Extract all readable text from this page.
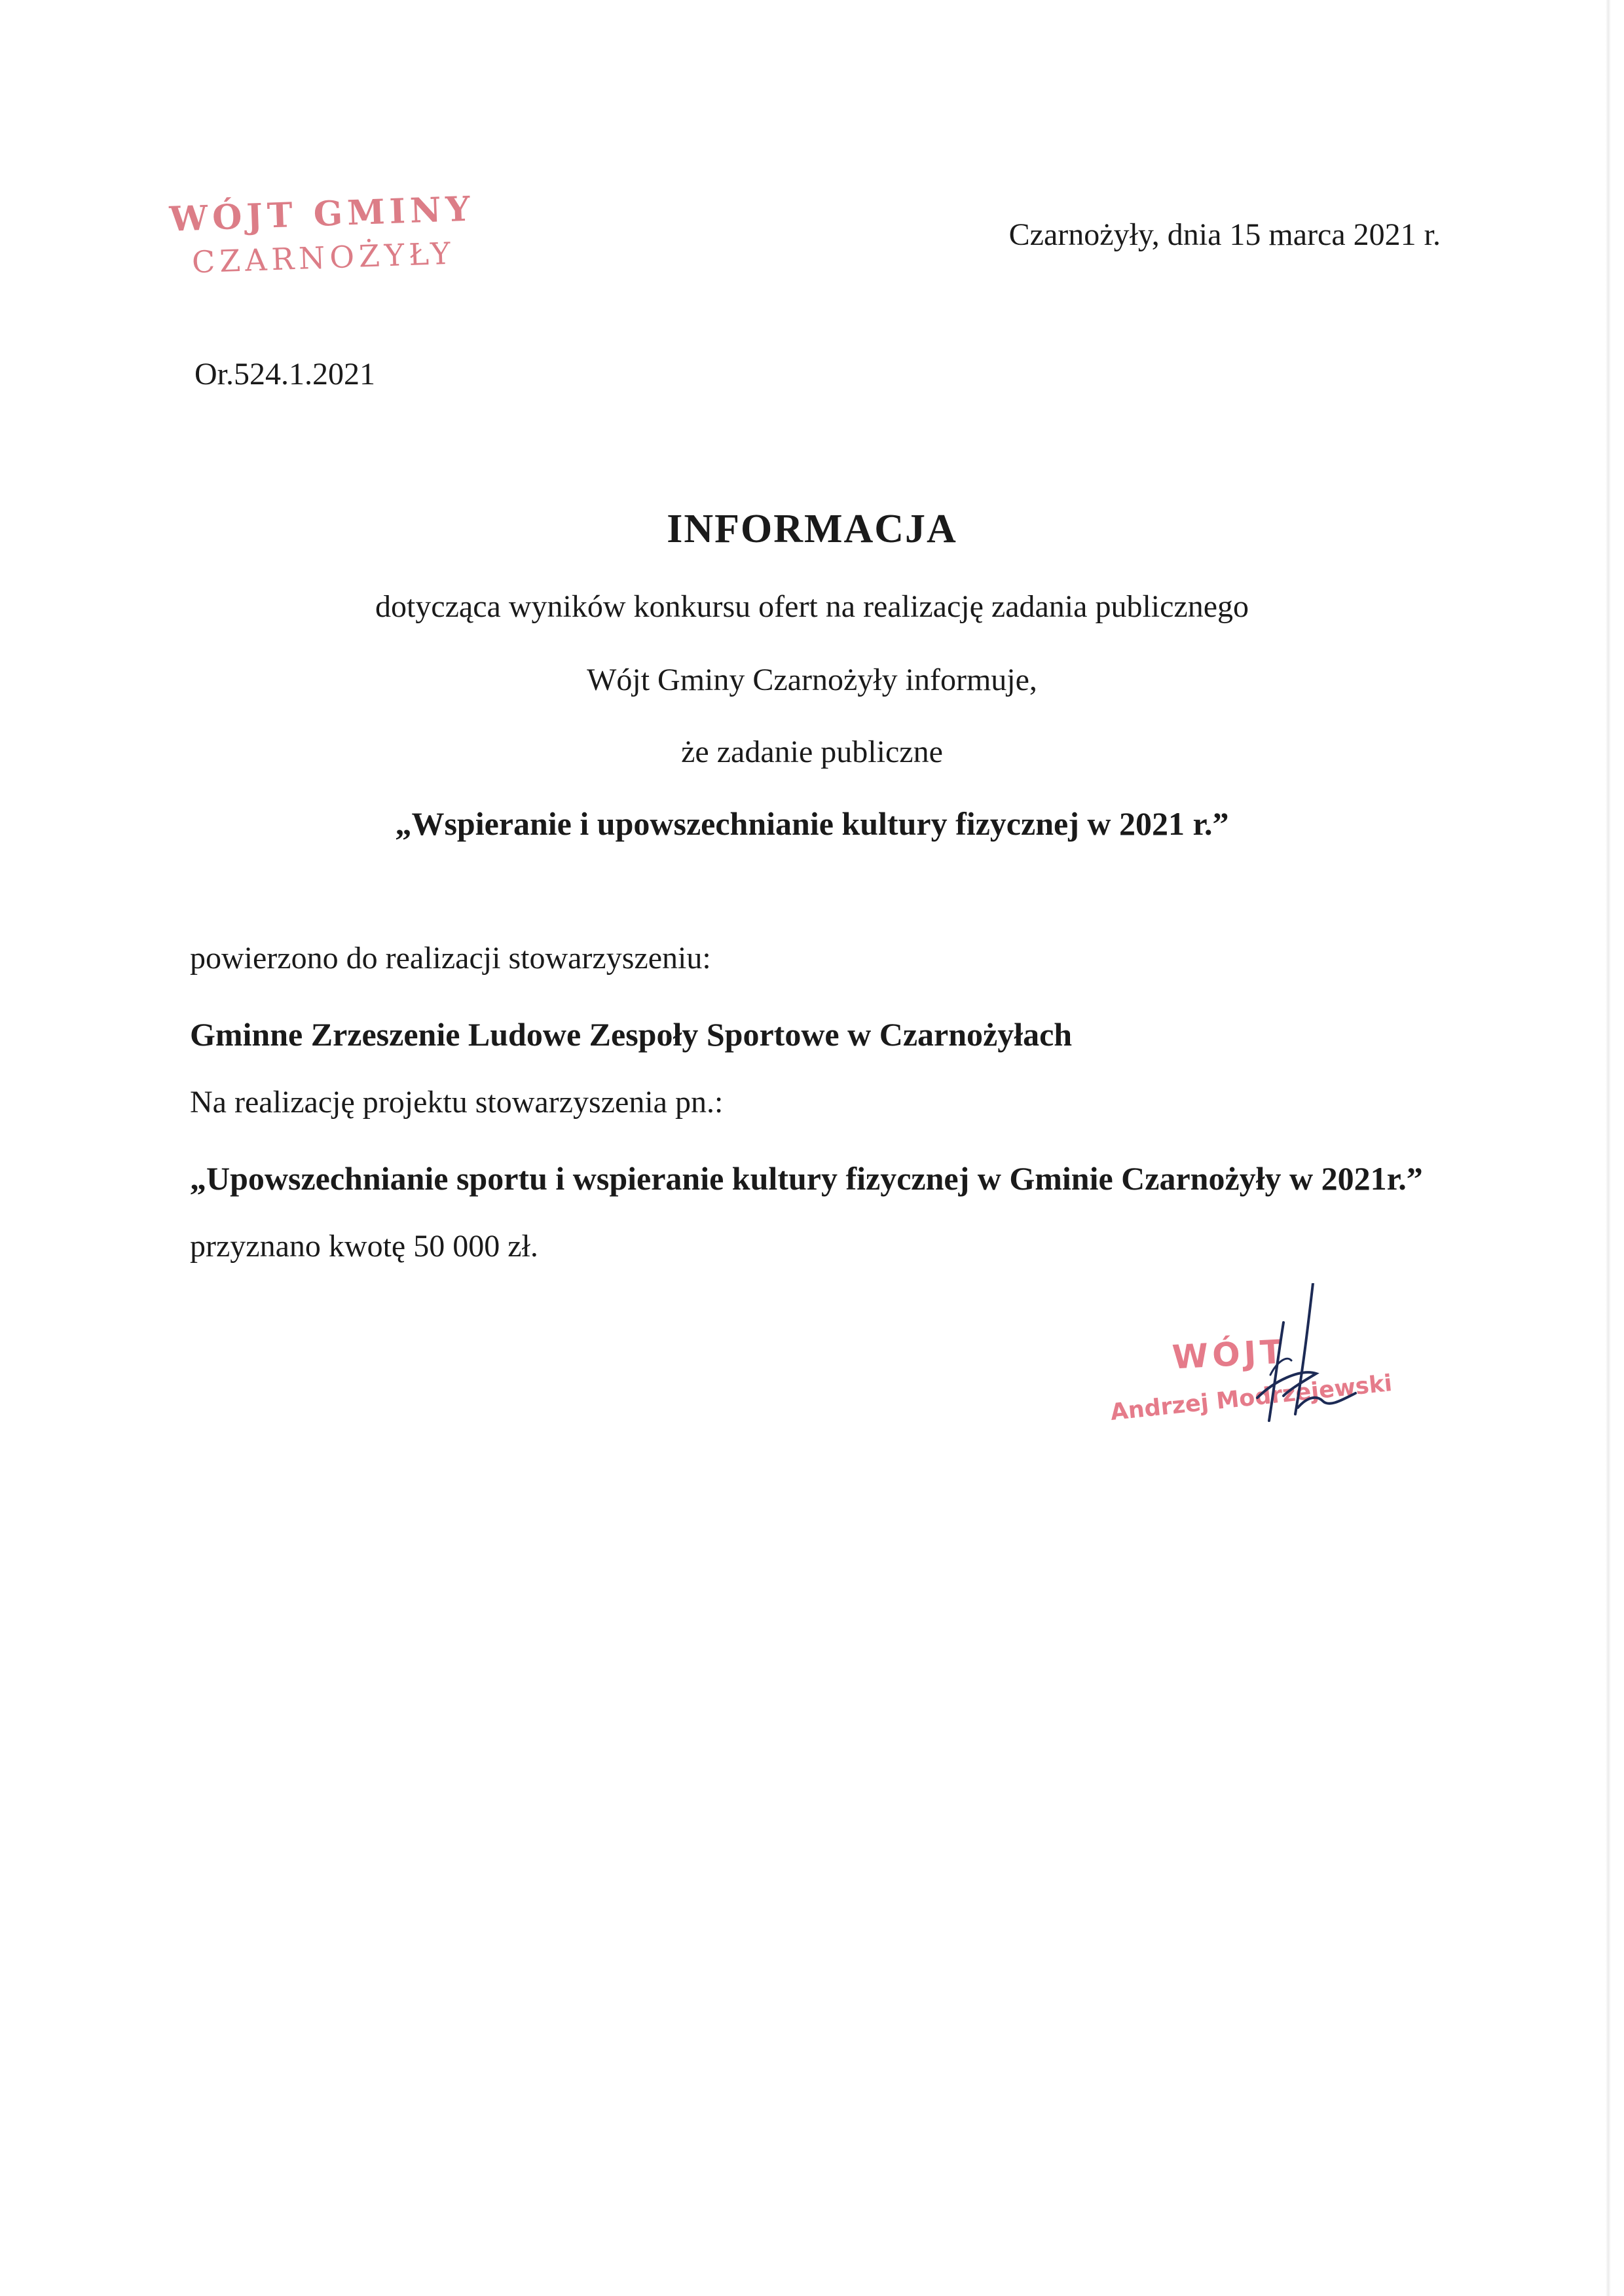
WÓJT GMINY
CZARNOŻYŁY
Czarnożyły, dnia 15 marca 2021 r.
Or.524.1.2021
INFORMACJA
dotycząca wyników konkursu ofert na realizację zadania publicznego
Wójt Gminy Czarnożyły informuje,
że zadanie publiczne
„Wspieranie i upowszechnianie kultury fizycznej w 2021 r.”
powierzono do realizacji stowarzyszeniu:
Gminne Zrzeszenie Ludowe Zespoły Sportowe w Czarnożyłach
Na realizację projektu stowarzyszenia pn.:
„Upowszechnianie sportu i wspieranie kultury fizycznej w Gminie Czarnożyły w 2021r.”
przyznano kwotę 50 000 zł.
WÓJT
Andrzej Modrzejewski
